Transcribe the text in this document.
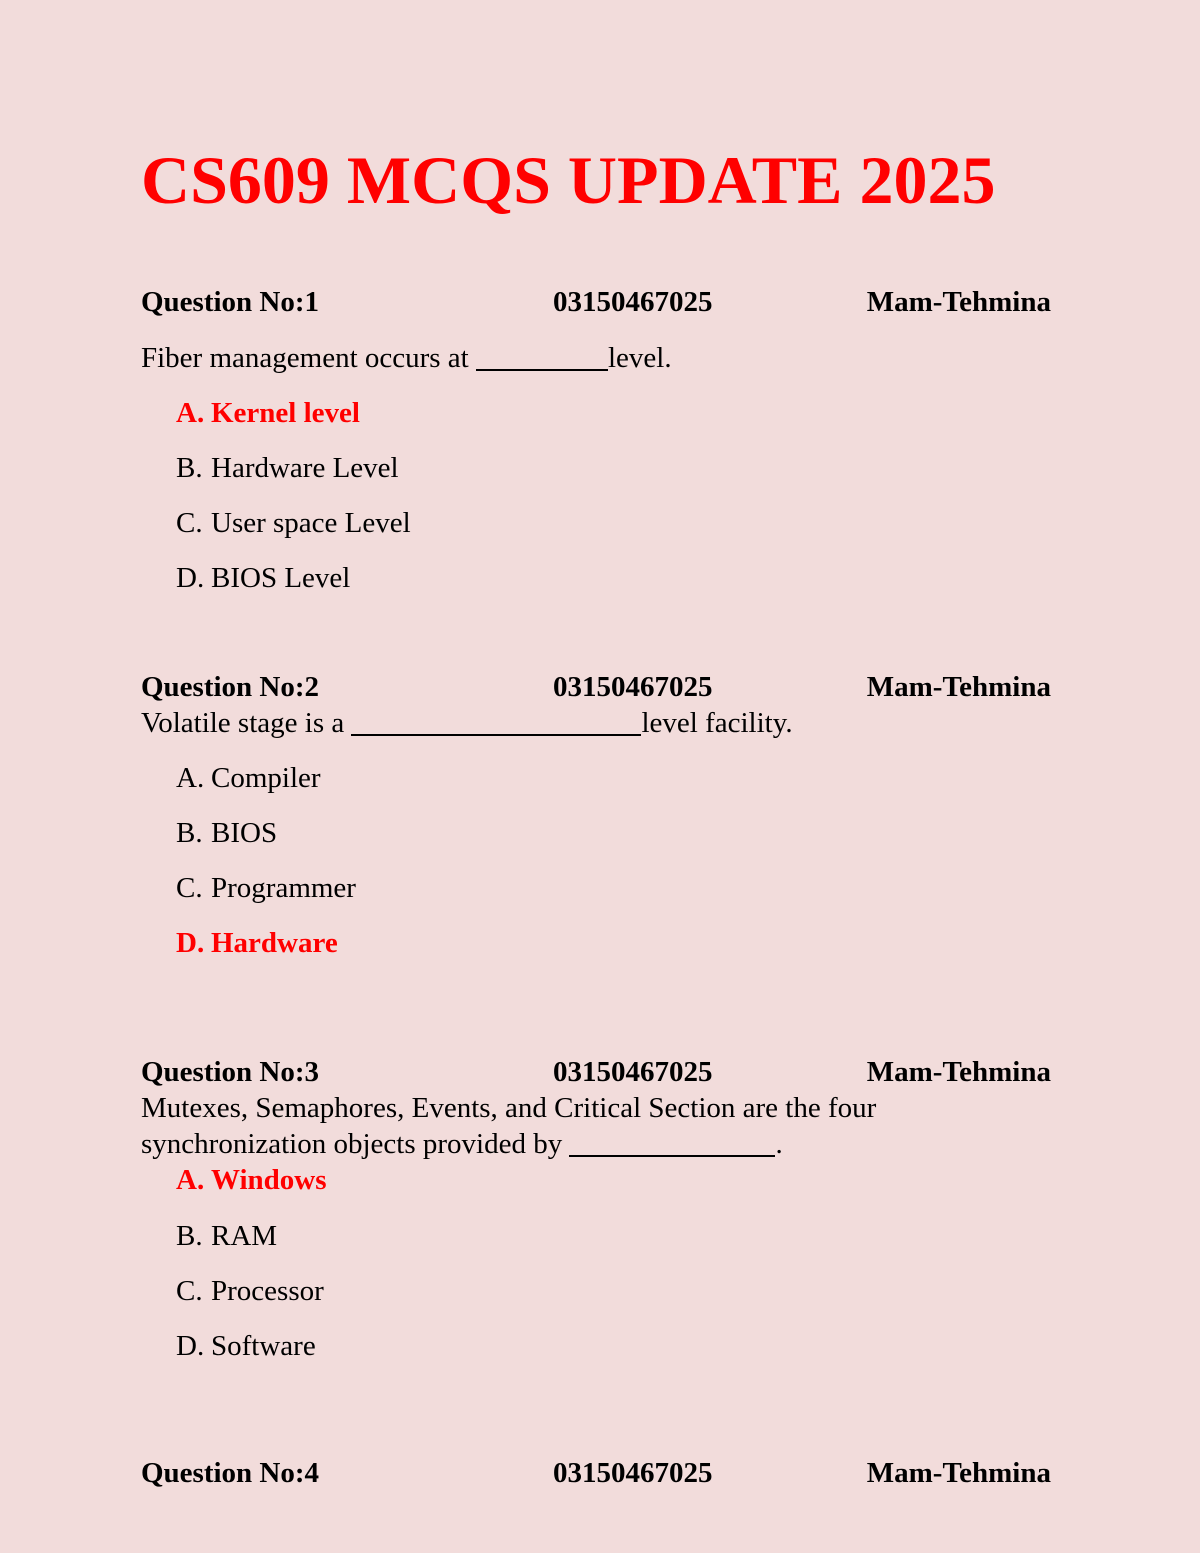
CS609 MCQS UPDATE 2025
Question No:1	03150467025	Mam-Tehmina
Fiber management occurs at	level.
A. Kernel level
B. Hardware Level
C. User space Level
D. BIOS Level
Question No:2	03150467025	Mam-Tehmina
Volatile stage is a	level facility.
A. Compiler
B. BIOS
C. Programmer
D. Hardware
Question No:3	03150467025	Mam-Tehmina
Mutexes, Semaphores, Events, and Critical Section are the four synchronization objects provided by	.
A. Windows
B. RAM
C. Processor
D. Software
Question No:4	03150467025	Mam-Tehmina
